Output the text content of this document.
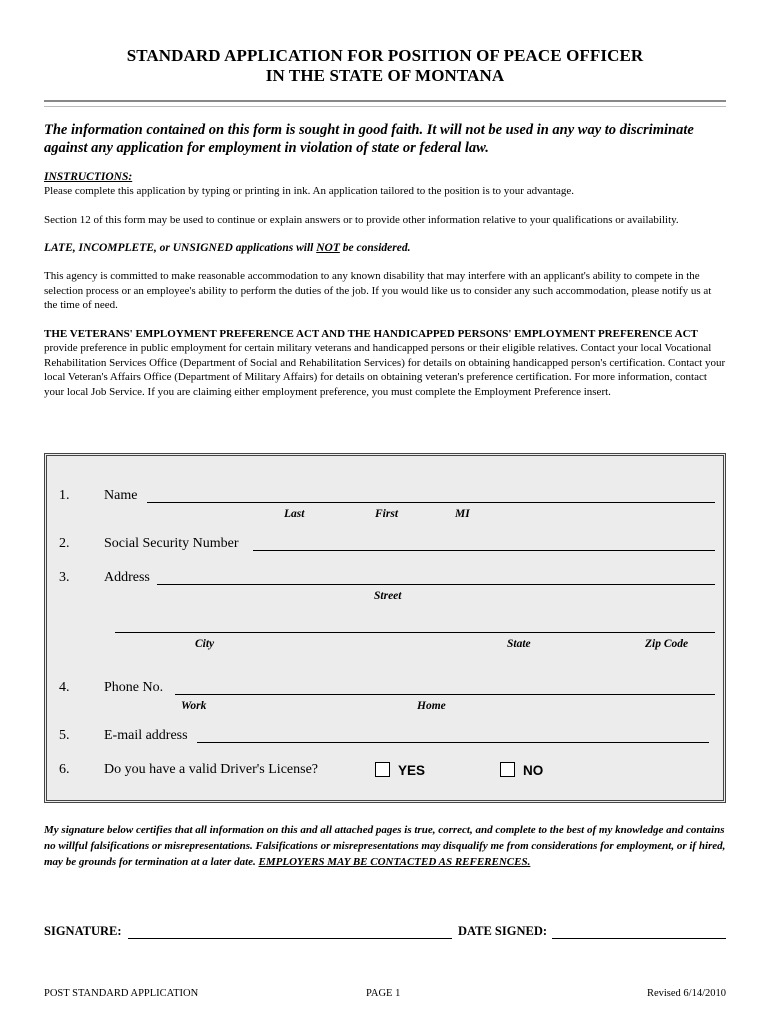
STANDARD APPLICATION FOR POSITION OF PEACE OFFICER
IN THE STATE OF MONTANA
The information contained on this form is sought in good faith. It will not be used in any way to discriminate against any application for employment in violation of state or federal law.
INSTRUCTIONS:
Please complete this application by typing or printing in ink. An application tailored to the position is to your advantage.
Section 12 of this form may be used to continue or explain answers or to provide other information relative to your qualifications or availability.
LATE, INCOMPLETE, or UNSIGNED applications will NOT be considered.
This agency is committed to make reasonable accommodation to any known disability that may interfere with an applicant's ability to compete in the selection process or an employee's ability to perform the duties of the job. If you would like us to consider any such accommodation, please notify us at the time of need.
THE VETERANS' EMPLOYMENT PREFERENCE ACT AND THE HANDICAPPED PERSONS' EMPLOYMENT PREFERENCE ACT provide preference in public employment for certain military veterans and handicapped persons or their eligible relatives. Contact your local Vocational Rehabilitation Services Office (Department of Social and Rehabilitation Services) for details on obtaining handicapped person's certification. Contact your local Veteran's Affairs Office (Department of Military Affairs) for details on obtaining veteran's preference certification. For more information, contact your local Job Service. If you are claiming either employment preference, you must complete the Employment Preference insert.
1. Name
Last	First	MI
2. Social Security Number
3. Address
Street
City	State	Zip Code
4. Phone No.
Work	Home
5. E-mail address
6. Do you have a valid Driver's License?	YES	NO
My signature below certifies that all information on this and all attached pages is true, correct, and complete to the best of my knowledge and contains no willful falsifications or misrepresentations. Falsifications or misrepresentations may disqualify me from considerations for employment, or if hired, may be grounds for termination at a later date. EMPLOYERS MAY BE CONTACTED AS REFERENCES.
SIGNATURE:	DATE SIGNED:
POST STANDARD APPLICATION	PAGE 1	Revised 6/14/2010
